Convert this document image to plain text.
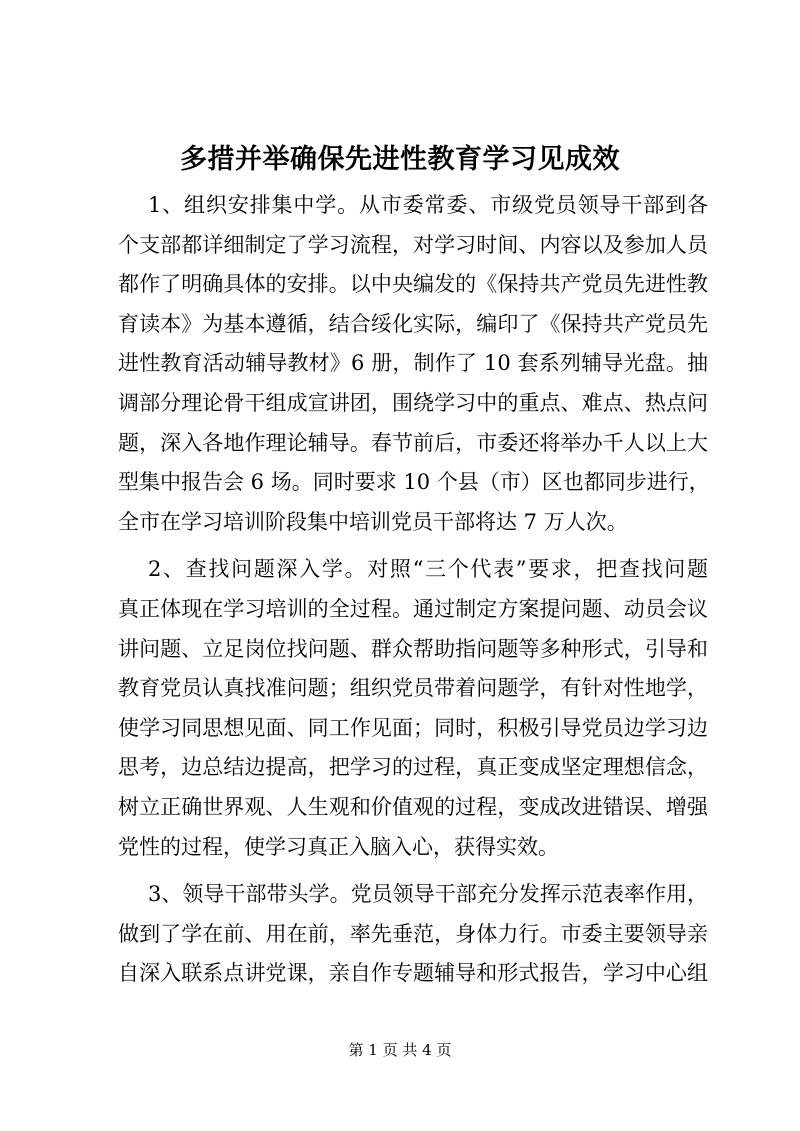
多措并举确保先进性教育学习见成效
1、组织安排集中学。从市委常委、市级党员领导干部到各
个支部都详细制定了学习流程，对学习时间、内容以及参加人员
都作了明确具体的安排。以中央编发的《保持共产党员先进性教
育读本》为基本遵循，结合绥化实际，编印了《保持共产党员先
进性教育活动辅导教材》6 册，制作了 10 套系列辅导光盘。抽
调部分理论骨干组成宣讲团，围绕学习中的重点、难点、热点问
题，深入各地作理论辅导。春节前后，市委还将举办千人以上大
型集中报告会 6 场。同时要求 10 个县（市）区也都同步进行，
全市在学习培训阶段集中培训党员干部将达 7 万人次。
2、查找问题深入学。对照“三个代表”要求，把查找问题
真正体现在学习培训的全过程。通过制定方案提问题、动员会议
讲问题、立足岗位找问题、群众帮助指问题等多种形式，引导和
教育党员认真找准问题；组织党员带着问题学，有针对性地学，
使学习同思想见面、同工作见面；同时，积极引导党员边学习边
思考，边总结边提高，把学习的过程，真正变成坚定理想信念，
树立正确世界观、人生观和价值观的过程，变成改进错误、增强
党性的过程，使学习真正入脑入心，获得实效。
3、领导干部带头学。党员领导干部充分发挥示范表率作用，
做到了学在前、用在前，率先垂范，身体力行。市委主要领导亲
自深入联系点讲党课，亲自作专题辅导和形式报告，学习中心组
第 1 页 共 4 页
